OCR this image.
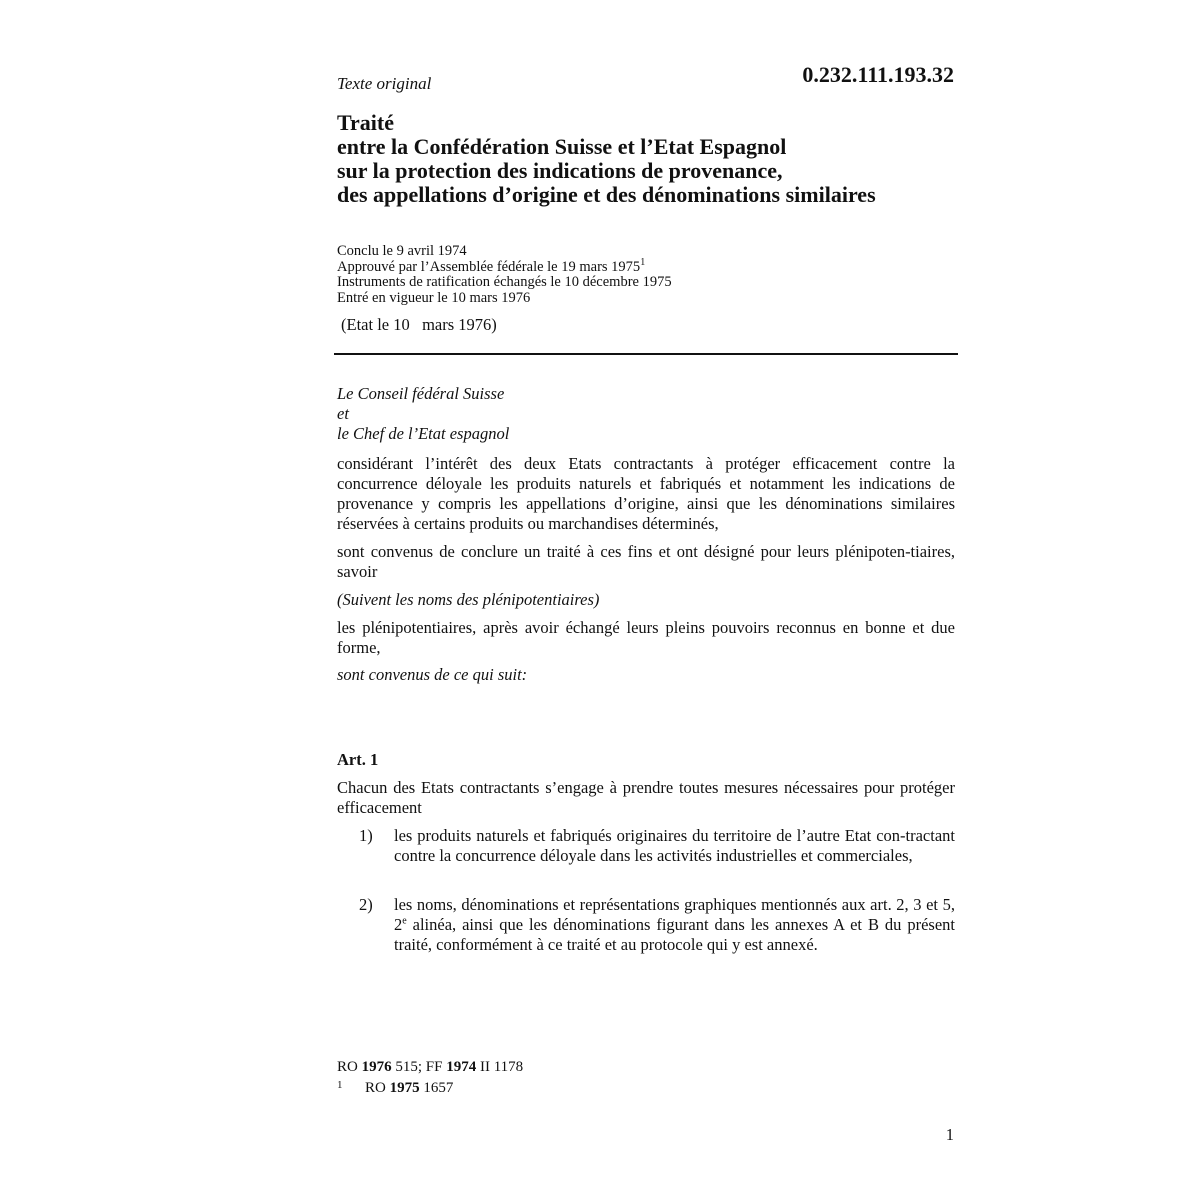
Texte original	0.232.111.193.32

Traité
entre la Confédération Suisse et l’Etat Espagnol
sur la protection des indications de provenance,
des appellations d’origine et des dénominations similaires
Conclu le 9 avril 1974
Approuvé par l’Assemblée fédérale le 19 mars 1975$^1$
Instruments de ratification échangés le 10 décembre 1975
Entré en vigueur le 10 mars 1976

(Etat le 10   mars 1976)

Le Conseil fédéral Suisse
et
le Chef de l’Etat espagnol
considérant l’intérêt des deux Etats contractants à protéger efficacement contre la concurrence déloyale les produits naturels et fabriqués et notamment les indications de provenance y compris les appellations d’origine, ainsi que les dénominations similaires réservées à certains produits ou marchandises déterminés,
sont convenus de conclure un traité à ces fins et ont désigné pour leurs plénipoten-tiaires, savoir
(Suivent les noms des plénipotentiaires)
les plénipotentiaires, après avoir échangé leurs pleins pouvoirs reconnus en bonne et due forme,
sont convenus de ce qui suit:

Art. 1

Chacun des Etats contractants s’engage à prendre toutes mesures nécessaires pour protéger efficacement
1) les produits naturels et fabriqués originaires du territoire de l’autre Etat con-tractant contre la concurrence déloyale dans les activités industrielles et commerciales,
2) les noms, dénominations et représentations graphiques mentionnés aux art. 2, 3 et 5, 2e alinéa, ainsi que les dénominations figurant dans les annexes A et B du présent traité, conformément à ce traité et au protocole qui y est annexé.

RO 1976 515; FF 1974 II 1178

$^1$ RO 1975 1657

1
